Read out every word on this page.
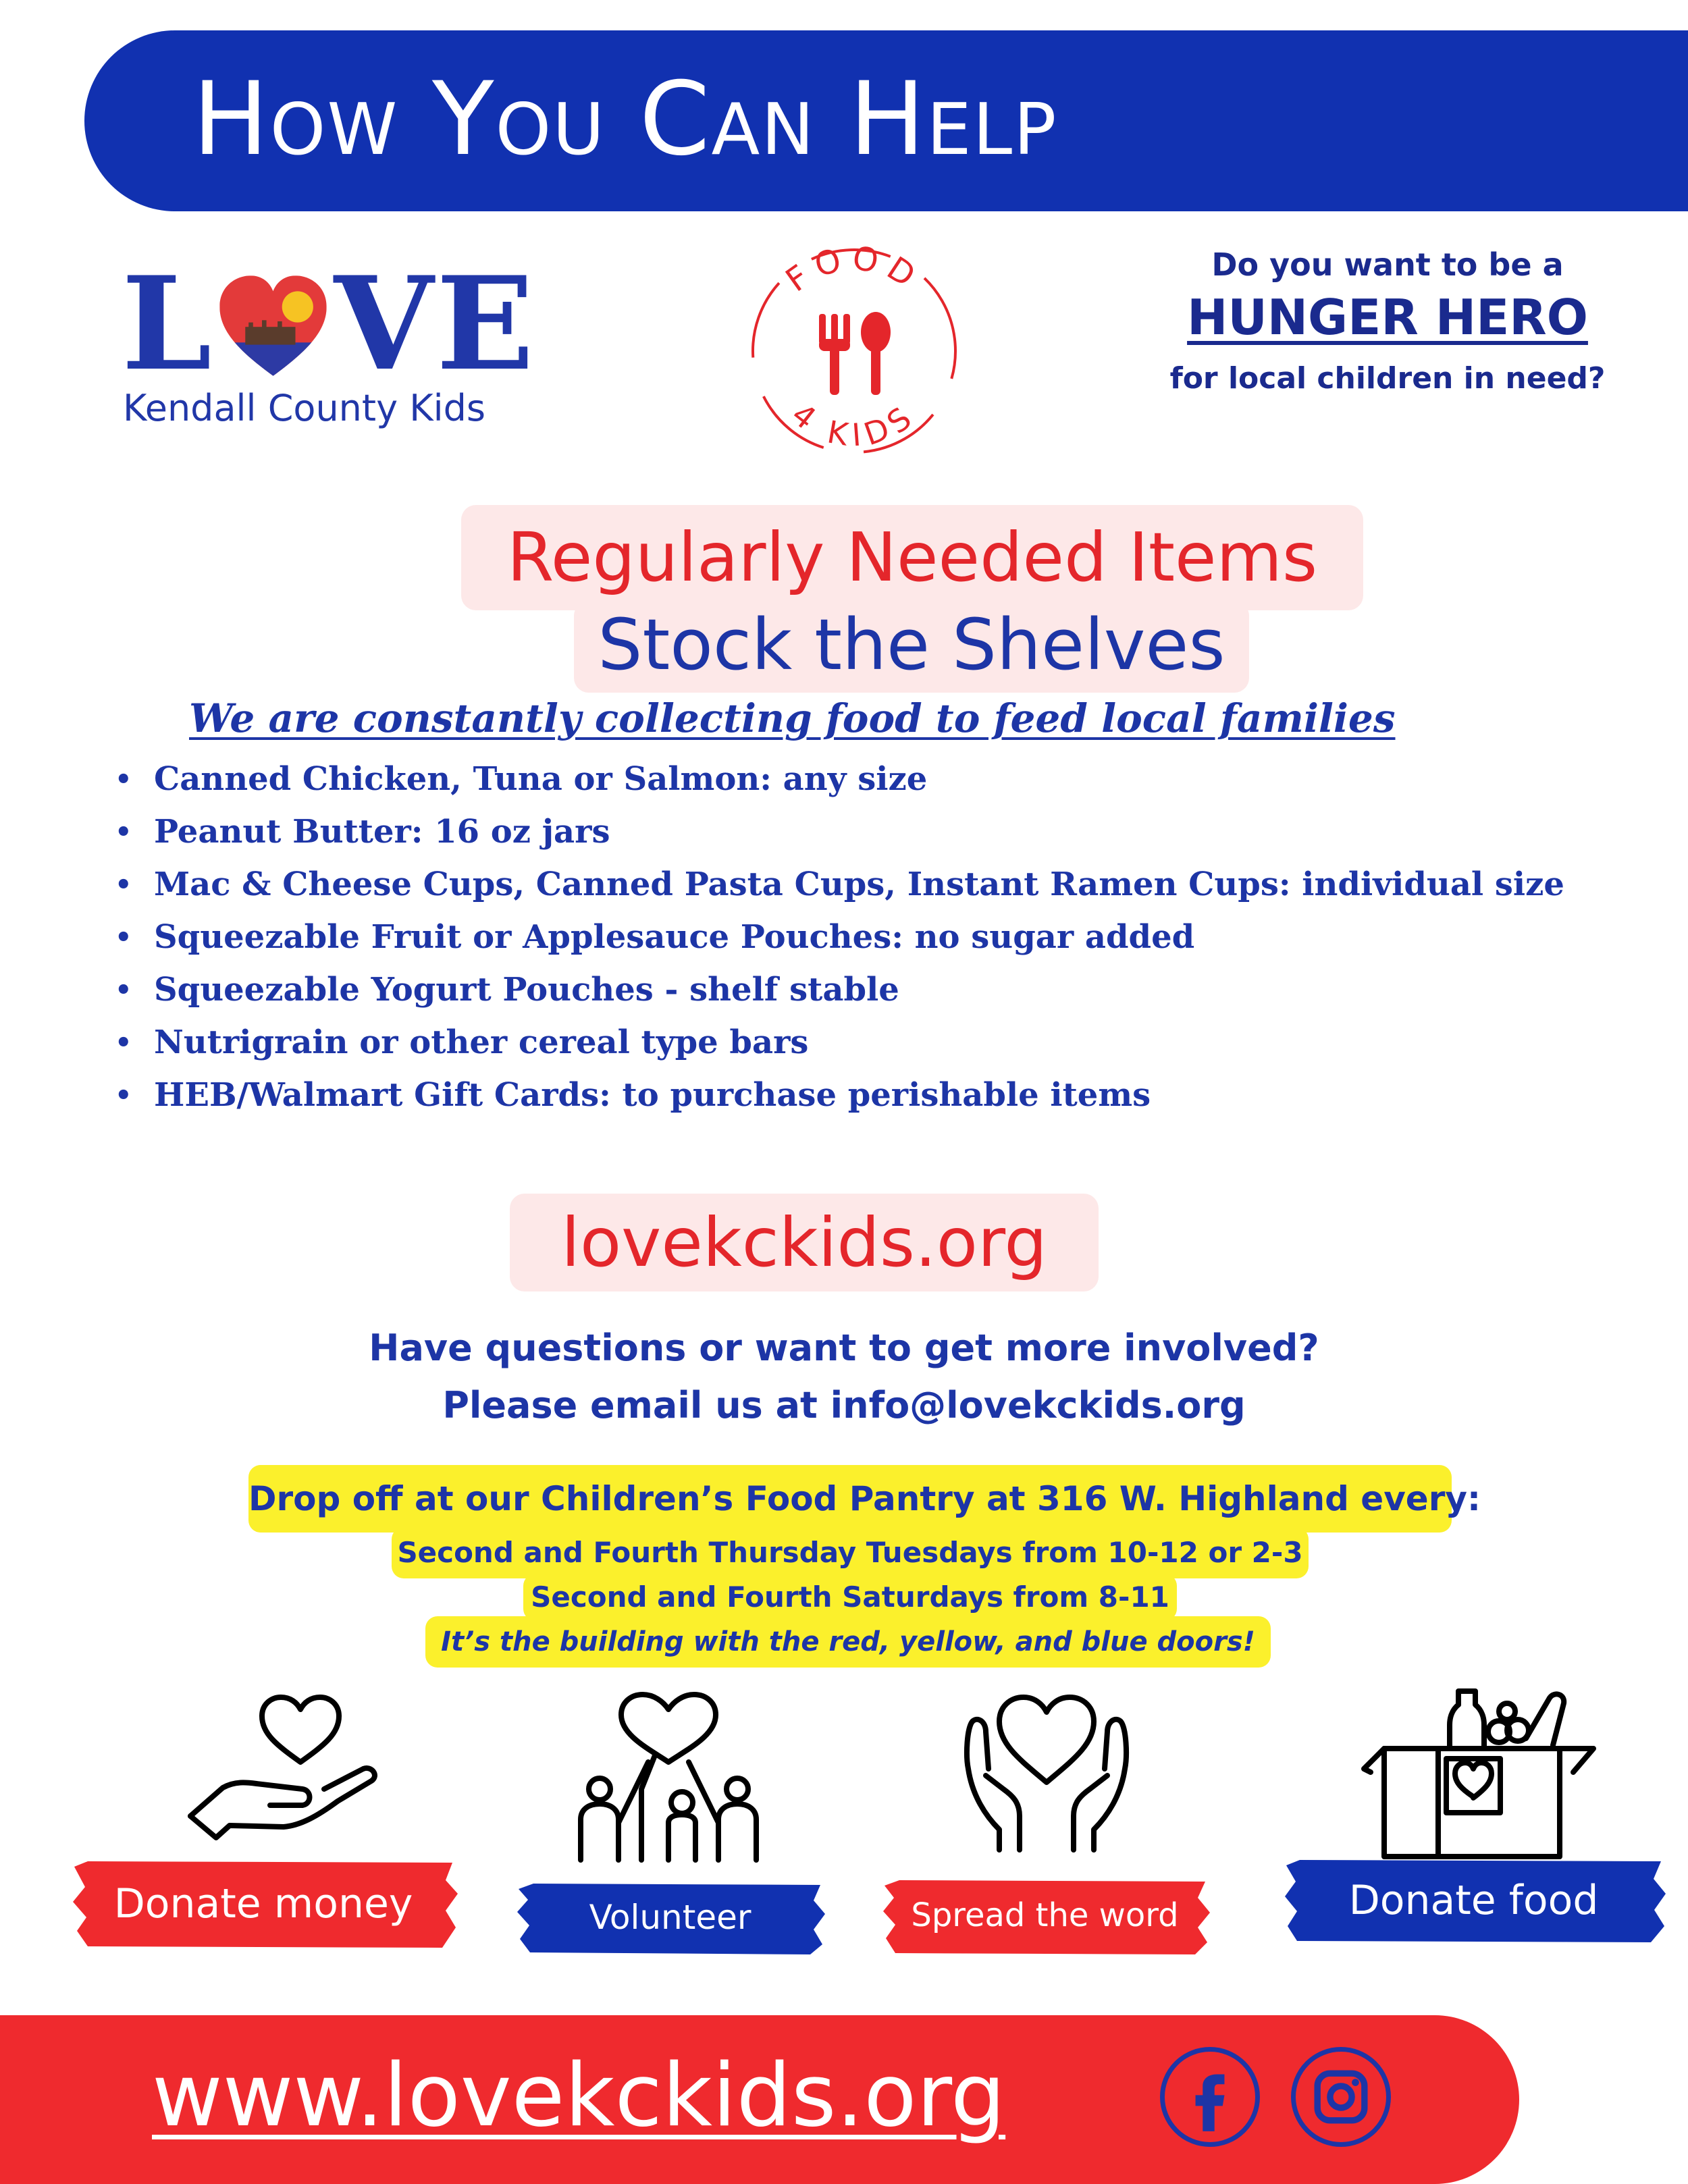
How You Can Help
L V E
Kendall County Kids
FOOD
4 KIDS
Do you want to be a
HUNGER HERO
for local children in need?
Regularly Needed Items
Stock the Shelves
We are constantly collecting food to feed local families
• Canned Chicken, Tuna or Salmon: any size
• Peanut Butter: 16 oz jars
• Mac & Cheese Cups, Canned Pasta Cups, Instant Ramen Cups: individual size
• Squeezable Fruit or Applesauce Pouches: no sugar added
• Squeezable Yogurt Pouches - shelf stable
• Nutrigrain or other cereal type bars
• HEB/Walmart Gift Cards: to purchase perishable items
lovekckids.org
Have questions or want to get more involved?
Please email us at info@lovekckids.org
Drop off at our Children’s Food Pantry at 316 W. Highland every:
Second and Fourth Thursday Tuesdays from 10-12 or 2-3
Second and Fourth Saturdays from 8-11
It’s the building with the red, yellow, and blue doors!
Donate money	Volunteer	Spread the word	Donate food
www.lovekckids.org
